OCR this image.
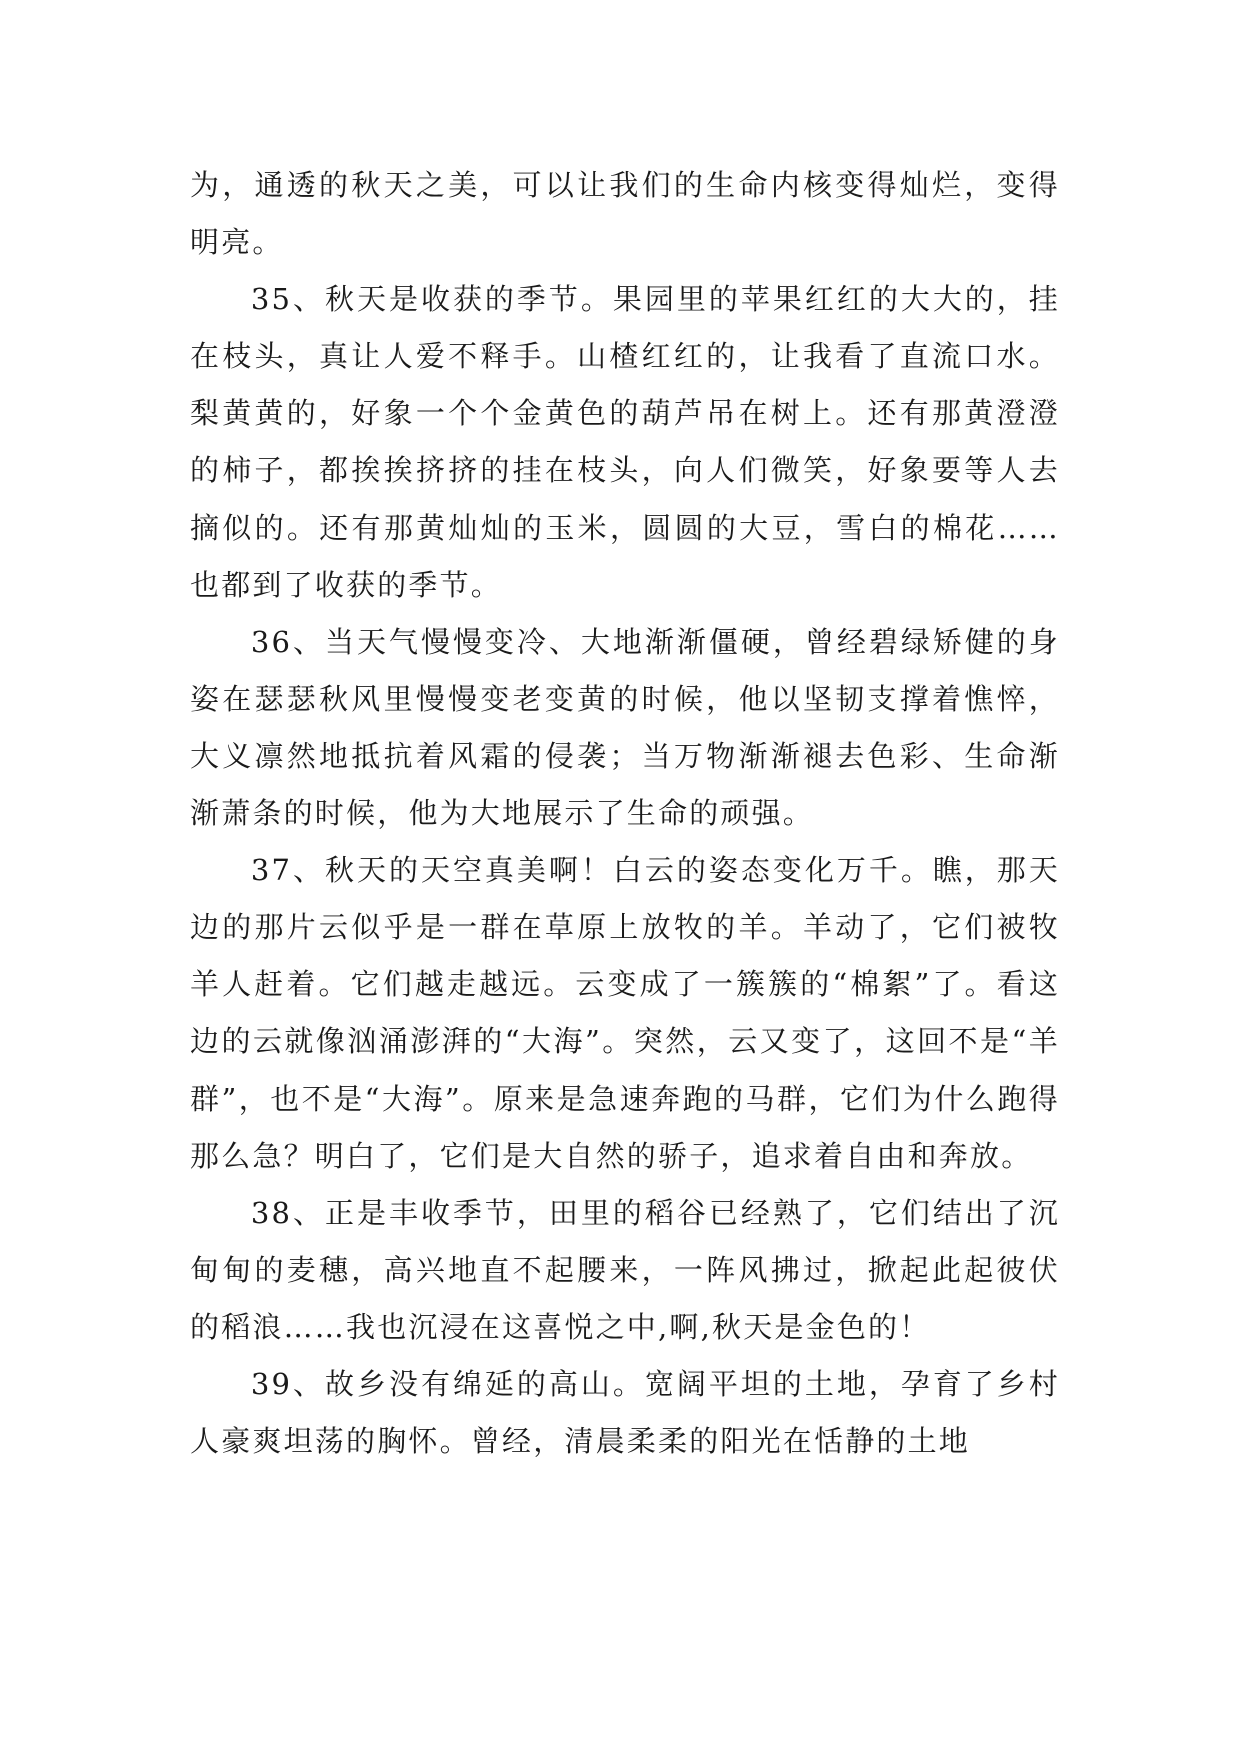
为，通透的秋天之美，可以让我们的生命内核变得灿烂，变得明亮。

35、秋天是收获的季节。果园里的苹果红红的大大的，挂在枝头，真让人爱不释手。山楂红红的，让我看了直流口水。梨黄黄的，好象一个个金黄色的葫芦吊在树上。还有那黄澄澄的柿子，都挨挨挤挤的挂在枝头，向人们微笑，好象要等人去摘似的。还有那黄灿灿的玉米，圆圆的大豆，雪白的棉花……也都到了收获的季节。

36、当天气慢慢变冷、大地渐渐僵硬，曾经碧绿矫健的身姿在瑟瑟秋风里慢慢变老变黄的时候，他以坚韧支撑着憔悴，大义凛然地抵抗着风霜的侵袭；当万物渐渐褪去色彩、生命渐渐萧条的时候，他为大地展示了生命的顽强。

37、秋天的天空真美啊！白云的姿态变化万千。瞧，那天边的那片云似乎是一群在草原上放牧的羊。羊动了，它们被牧羊人赶着。它们越走越远。云变成了一簇簇的“棉絮”了。看这边的云就像汹涌澎湃的“大海”。突然，云又变了，这回不是“羊群”，也不是“大海”。原来是急速奔跑的马群，它们为什么跑得那么急？明白了，它们是大自然的骄子，追求着自由和奔放。

38、正是丰收季节，田里的稻谷已经熟了，它们结出了沉甸甸的麦穗，高兴地直不起腰来，一阵风拂过，掀起此起彼伏的稻浪……我也沉浸在这喜悦之中,啊,秋天是金色的！

39、故乡没有绵延的高山。宽阔平坦的土地，孕育了乡村人豪爽坦荡的胸怀。曾经，清晨柔柔的阳光在恬静的土地
